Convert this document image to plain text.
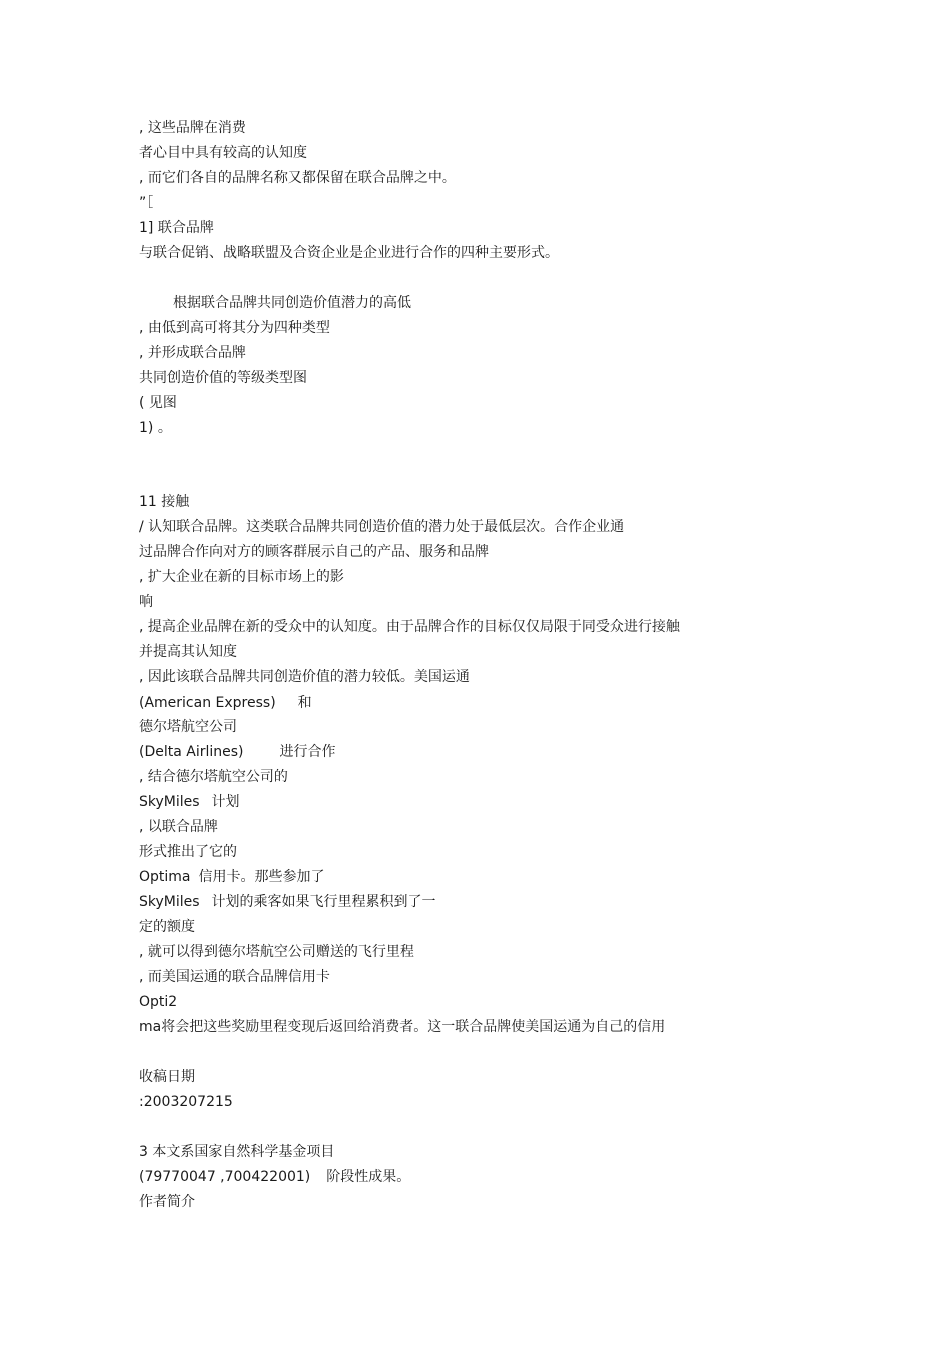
, 这些品牌在消费

者心目中具有较高的认知度

, 而它们各自的品牌名称又都保留在联合品牌之中。

”［

1] 联合品牌

与联合促销、战略联盟及合资企业是企业进行合作的四种主要形式。

根据联合品牌共同创造价值潜力的高低

, 由低到高可将其分为四种类型

, 并形成联合品牌

共同创造价值的等级类型图

( 见图

1) 。

11 接触

/ 认知联合品牌。这类联合品牌共同创造价值的潜力处于最低层次。合作企业通

过品牌合作向对方的顾客群展示自己的产品、服务和品牌

, 扩大企业在新的目标市场上的影

响

, 提高企业品牌在新的受众中的认知度。由于品牌合作的目标仅仅局限于同受众进行接触

并提高其认知度

, 因此该联合品牌共同创造价值的潜力较低。美国运通

(American Express) 和

德尔塔航空公司

(Delta Airlines)	进行合作

, 结合德尔塔航空公司的

SkyMiles 计划

, 以联合品牌

形式推出了它的

Optima 信用卡。那些参加了

SkyMiles 计划的乘客如果飞行里程累积到了一

定的额度

, 就可以得到德尔塔航空公司赠送的飞行里程

, 而美国运通的联合品牌信用卡

Opti2

ma将会把这些奖励里程变现后返回给消费者。这一联合品牌使美国运通为自己的信用

收稿日期

:2003207215

3 本文系国家自然科学基金项目

(79770047 ,700422001) 阶段性成果。

作者简介
